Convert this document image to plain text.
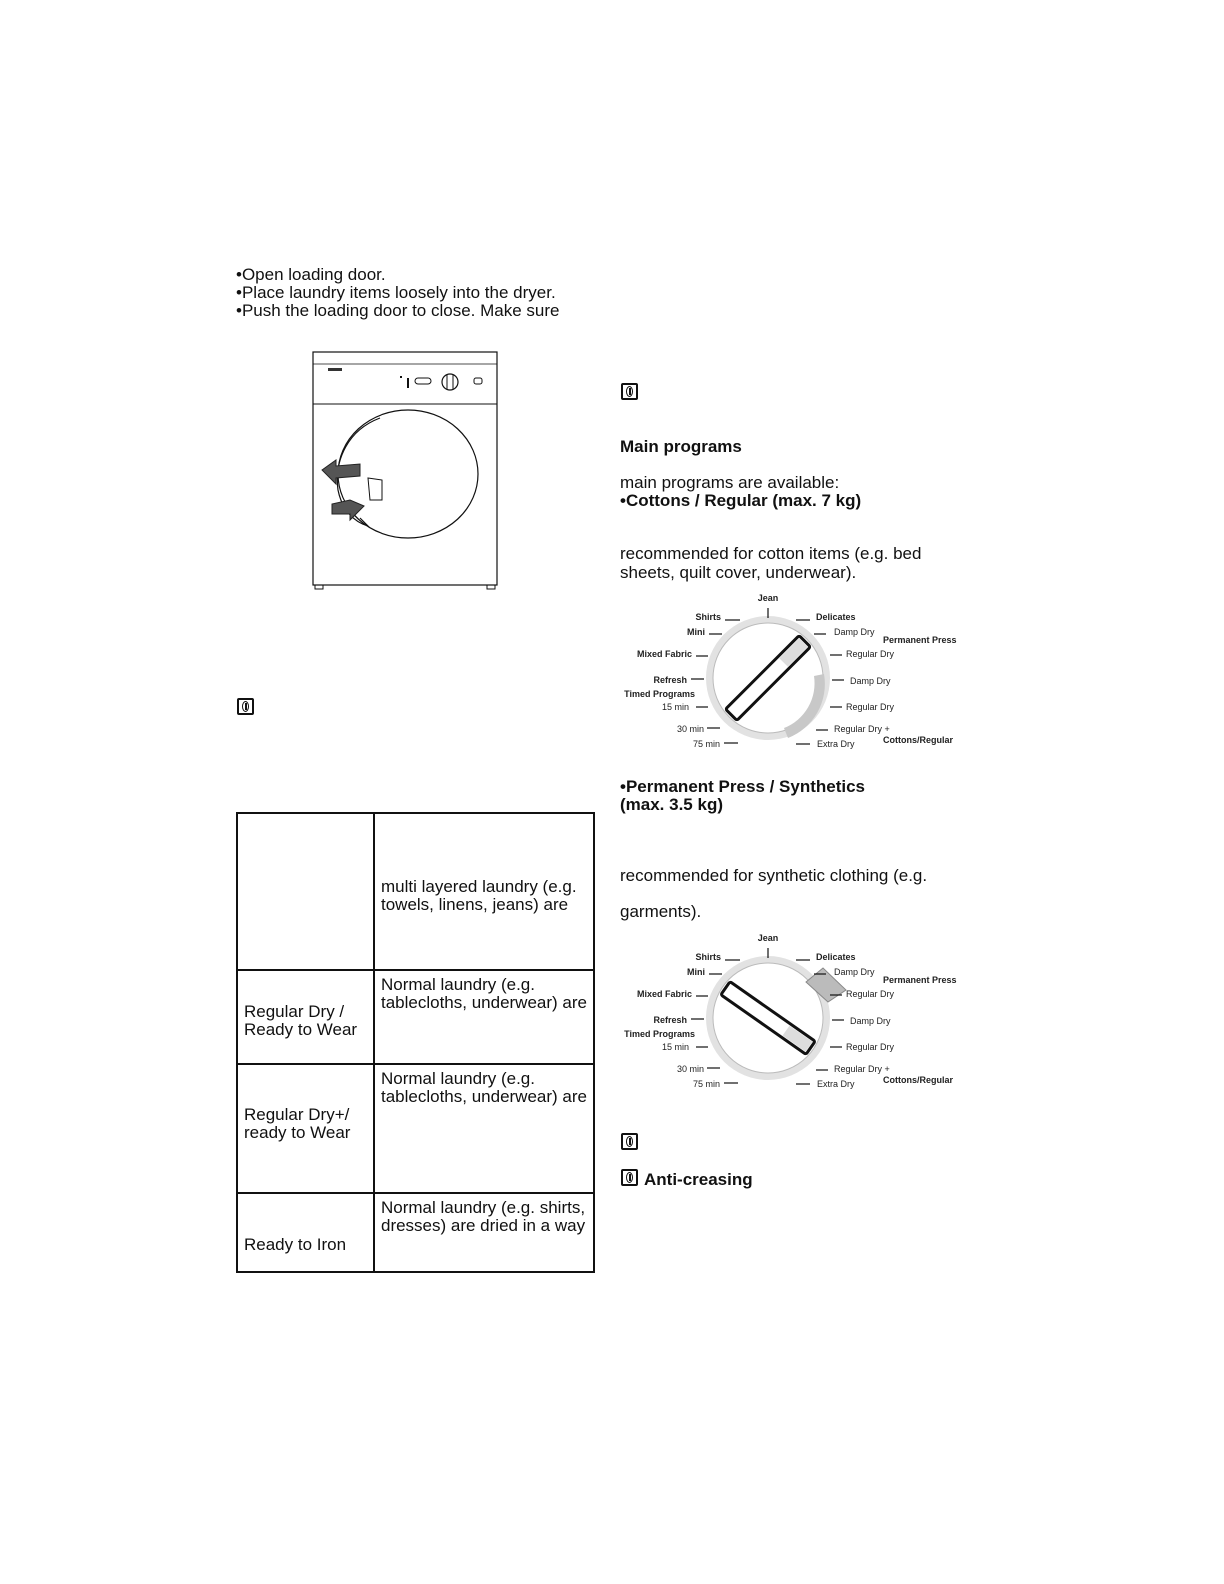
•Open loading door.
•Place laundry items loosely into the dryer.
•Push the loading door to close. Make sure

	multi layered laundry (e.g.
towels, linens, jeans) are

Regular Dry /
Ready to Wear	Normal laundry (e.g.
tablecloths, underwear) are

Regular Dry+/
ready to Wear	Normal laundry (e.g.
tablecloths, underwear) are

Ready to Iron	Normal laundry (e.g. shirts,
dresses) are dried in a way
Main programs
main programs are available:
•Cottons / Regular (max. 7 kg)
recommended for cotton items (e.g. bed
sheets, quilt cover, underwear).
Jean
Shirts
Mini
Mixed Fabric
Refresh
Timed Programs
15 min
30 min
75 min
Delicates
Damp Dry
Permanent Press
Regular Dry
Damp Dry
Regular Dry
Regular Dry +
Extra Dry	Cottons/Regular
•Permanent Press / Synthetics
(max. 3.5 kg)
recommended for synthetic clothing (e.g.
garments).
Jean
Shirts
Mini
Mixed Fabric
Refresh
Timed Programs
15 min
30 min
75 min
Delicates
Damp Dry
Permanent Press
Regular Dry
Damp Dry
Regular Dry
Regular Dry +
Extra Dry	Cottons/Regular
Anti-creasing
